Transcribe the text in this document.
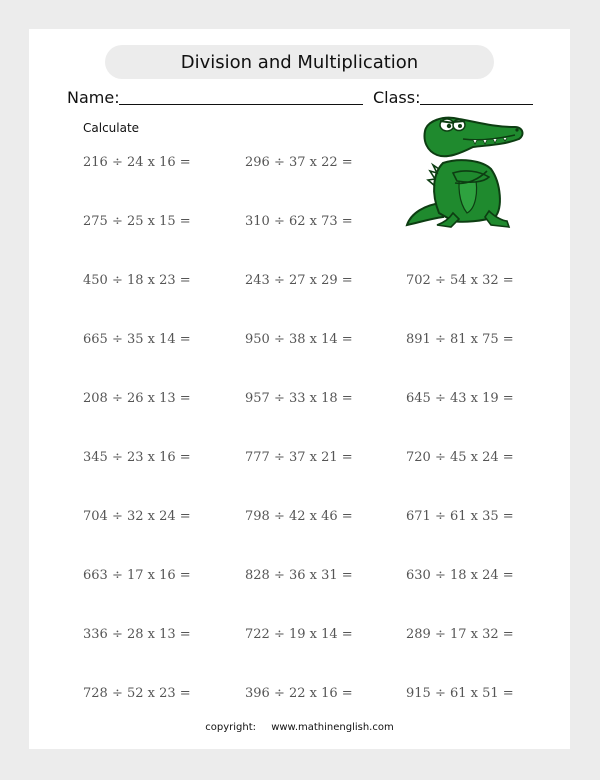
Division and Multiplication
Name:	Class:
Calculate
216 ÷ 24 x 16 =	296 ÷ 37 x 22 =
275 ÷ 25 x 15 =	310 ÷ 62 x 73 =
450 ÷ 18 x 23 =	243 ÷ 27 x 29 =	702 ÷ 54 x 32 =
665 ÷ 35 x 14 =	950 ÷ 38 x 14 =	891 ÷ 81 x 75 =
208 ÷ 26 x 13 =	957 ÷ 33 x 18 =	645 ÷ 43 x 19 =
345 ÷ 23 x 16 =	777 ÷ 37 x 21 =	720 ÷ 45 x 24 =
704 ÷ 32 x 24 =	798 ÷ 42 x 46 =	671 ÷ 61 x 35 =
663 ÷ 17 x 16 =	828 ÷ 36 x 31 =	630 ÷ 18 x 24 =
336 ÷ 28 x 13 =	722 ÷ 19 x 14 =	289 ÷ 17 x 32 =
728 ÷ 52 x 23 =	396 ÷ 22 x 16 =	915 ÷ 61 x 51 =
copyright: www.mathinenglish.com
